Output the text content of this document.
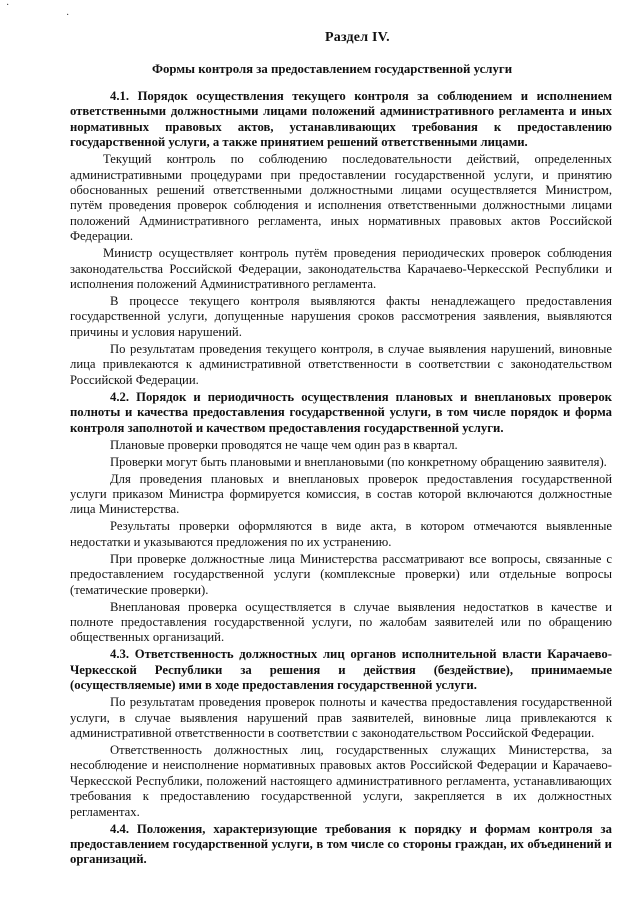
·
·
Раздел IV.
Формы контроля за предоставлением государственной услуги

4.1. Порядок осуществления текущего контроля за соблюдением и исполнением ответственными должностными лицами положений административного регламента и иных нормативных правовых актов, устанавливающих требования к предоставлению государственной услуги, а также принятием решений ответственными лицами.

Текущий контроль по соблюдению последовательности действий, определенных административными процедурами при предоставлении государственной услуги, и принятию обоснованных решений ответственными должностными лицами осуществляется Министром, путём проведения проверок соблюдения и исполнения ответственными должностными лицами положений Административного регламента, иных нормативных правовых актов Российской Федерации.

Министр осуществляет контроль путём проведения периодических проверок соблюдения законодательства Российской Федерации, законодательства Карачаево-Черкесской Республики и исполнения положений Административного регламента.

В процессе текущего контроля выявляются факты ненадлежащего предоставления государственной услуги, допущенные нарушения сроков рассмотрения заявления, выявляются причины и условия нарушений.

По результатам проведения текущего контроля, в случае выявления нарушений, виновные лица привлекаются к административной ответственности в соответствии с законодательством Российской Федерации.

4.2. Порядок и периодичность осуществления плановых и внеплановых проверок полноты и качества предоставления государственной услуги, в том числе порядок и форма контроля заполнотой и качеством предоставления государственной услуги.

Плановые проверки проводятся не чаще чем один раз в квартал.

Проверки могут быть плановыми и внеплановыми (по конкретному обращению заявителя).

Для проведения плановых и внеплановых проверок предоставления государственной услуги приказом Министра формируется комиссия, в состав которой включаются должностные лица Министерства.

Результаты проверки оформляются в виде акта, в котором отмечаются выявленные недостатки и указываются предложения по их устранению.

При проверке должностные лица Министерства рассматривают все вопросы, связанные с предоставлением государственной услуги (комплексные проверки) или отдельные вопросы (тематические проверки).

Внеплановая проверка осуществляется в случае выявления недостатков в качестве и полноте предоставления государственной услуги, по жалобам заявителей или по обращению общественных организаций.

4.3. Ответственность должностных лиц органов исполнительной власти Карачаево-Черкесской Республики за решения и действия (бездействие), принимаемые (осуществляемые) ими в ходе предоставления государственной услуги.

По результатам проведения проверок полноты и качества предоставления государственной услуги, в случае выявления нарушений прав заявителей, виновные лица привлекаются к административной ответственности в соответствии с законодательством Российской Федерации.

Ответственность должностных лиц, государственных служащих Министерства, за несоблюдение и неисполнение нормативных правовых актов Российской Федерации и Карачаево-Черкесской Республики, положений настоящего административного регламента, устанавливающих требования к предоставлению государственной услуги, закрепляется в их должностных регламентах.

4.4. Положения, характеризующие требования к порядку и формам контроля за предоставлением государственной услуги, в том числе со стороны граждан, их объединений и организаций.
